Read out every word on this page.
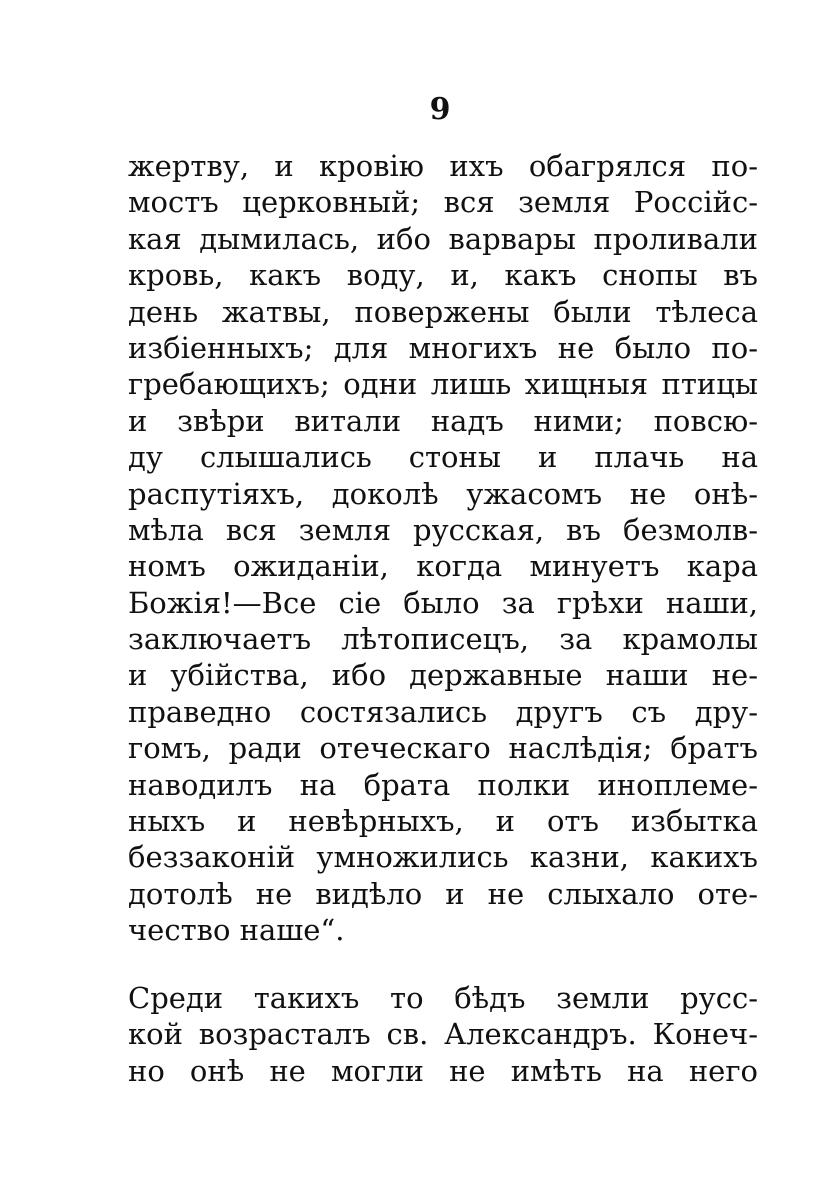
9
жертву, и кровію ихъ обагрялся по-
мостъ церковный; вся земля Россійс-
кая дымилась, ибо варвары проливали
кровь, какъ воду, и, какъ снопы въ
день жатвы, повержены были тѣлеса
избіенныхъ; для многихъ не было по-
гребающихъ; одни лишь хищныя птицы
и звѣри витали надъ ними; повсю-
ду слышались стоны и плачь на
распутіяхъ, доколѣ ужасомъ не онѣ-
мѣла вся земля русская, въ безмолв-
номъ ожиданіи, когда минуетъ кара
Божія!—Все сіе было за грѣхи наши,
заключаетъ лѣтописецъ, за крамолы
и убійства, ибо державные наши не-
праведно состязались другъ съ дру-
гомъ, ради отеческаго наслѣдія; братъ
наводилъ на брата полки иноплеме-
ныхъ и невѣрныхъ, и отъ избытка
беззаконій умножились казни, какихъ
дотолѣ не видѣло и не слыхало оте-
чество наше“.
Среди такихъ то бѣдъ земли русс-
кой возрасталъ св. Александръ. Конеч-
но онѣ не могли не имѣть на него
